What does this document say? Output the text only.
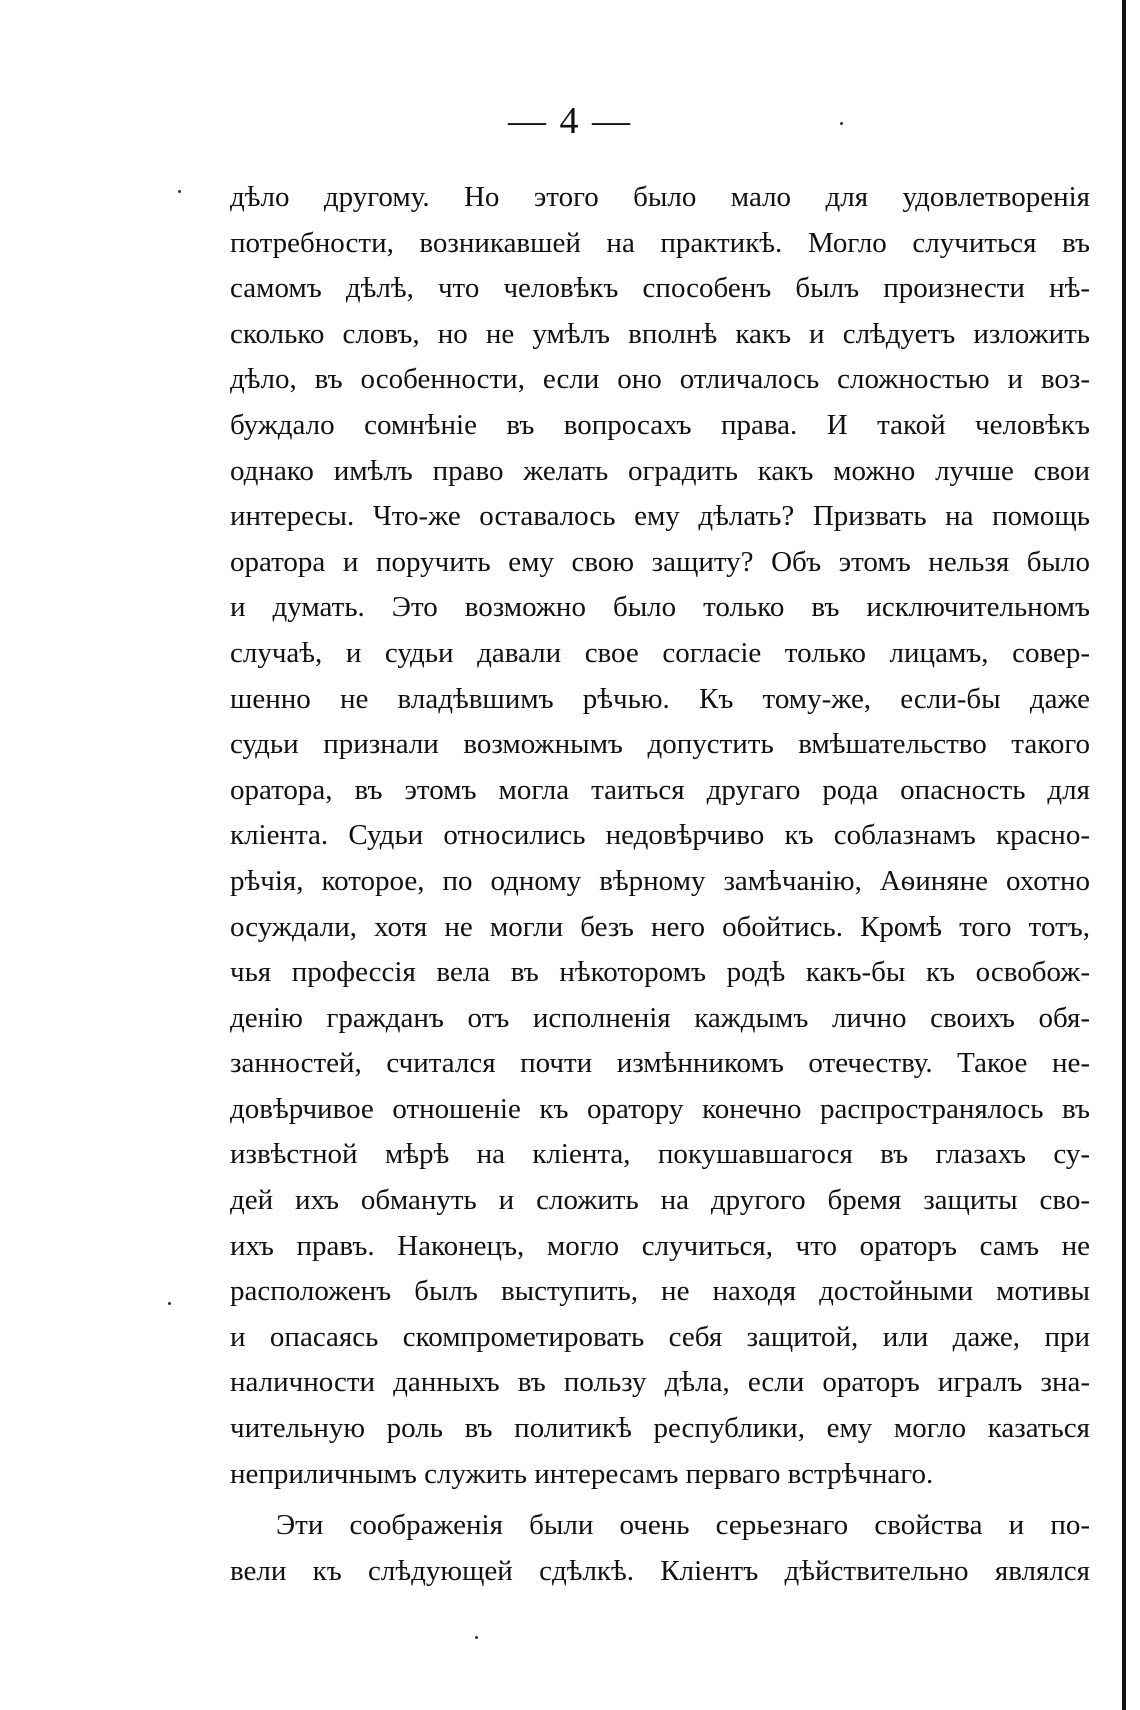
— 4 —
дѣло другому. Но этого было мало для удовлетворенія
потребности, возникавшей на практикѣ. Могло случиться въ
самомъ дѣлѣ, что человѣкъ способенъ былъ произнести нѣ-
сколько словъ, но не умѣлъ вполнѣ какъ и слѣдуетъ изложить
дѣло, въ особенности, если оно отличалось сложностью и воз-
буждало сомнѣніе въ вопросахъ права. И такой человѣкъ
однако имѣлъ право желать оградить какъ можно лучше свои
интересы. Что-же оставалось ему дѣлать? Призвать на помощь
оратора и поручить ему свою защиту? Объ этомъ нельзя было
и думать. Это возможно было только въ исключительномъ
случаѣ, и судьи давали свое согласіе только лицамъ, совер-
шенно не владѣвшимъ рѣчью. Къ тому-же, если-бы даже
судьи признали возможнымъ допустить вмѣшательство такого
оратора, въ этомъ могла таиться другаго рода опасность для
кліента. Судьи относились недовѣрчиво къ соблазнамъ красно-
рѣчія, которое, по одному вѣрному замѣчанію, Аѳиняне охотно
осуждали, хотя не могли безъ него обойтись. Кромѣ того тотъ,
чья профессія вела въ нѣкоторомъ родѣ какъ-бы къ освобож-
денію гражданъ отъ исполненія каждымъ лично своихъ обя-
занностей, считался почти измѣнникомъ отечеству. Такое не-
довѣрчивое отношеніе къ оратору конечно распространялось въ
извѣстной мѣрѣ на кліента, покушавшагося въ глазахъ су-
дей ихъ обмануть и сложить на другого бремя защиты сво-
ихъ правъ. Наконецъ, могло случиться, что ораторъ самъ не
расположенъ былъ выступить, не находя достойными мотивы
и опасаясь скомпрометировать себя защитой, или даже, при
наличности данныхъ въ пользу дѣла, если ораторъ игралъ зна-
чительную роль въ политикѣ республики, ему могло казаться
неприличнымъ служить интересамъ перваго встрѣчнаго.
Эти соображенія были очень серьезнаго свойства и по-
вели къ слѣдующей сдѣлкѣ. Кліентъ дѣйствительно являлся
